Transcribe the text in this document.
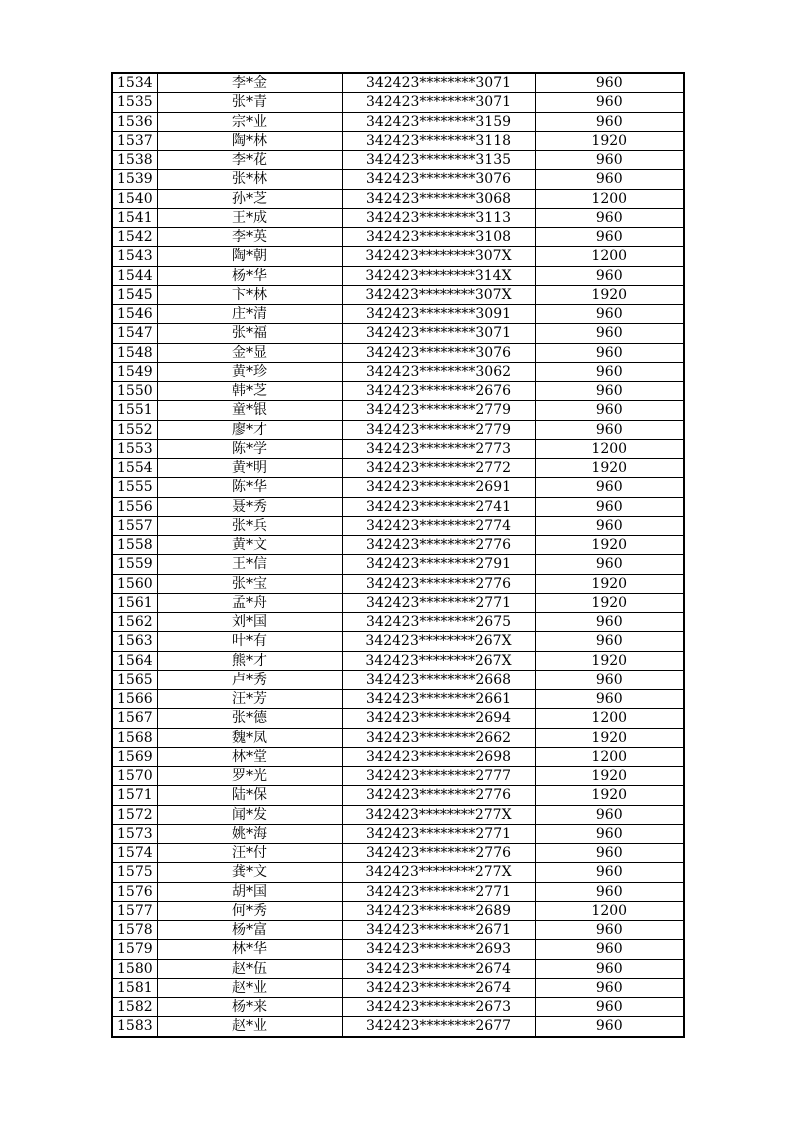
1534	李*金	342423********3071	960
1535	张*青	342423********3071	960
1536	宗*业	342423********3159	960
1537	陶*林	342423********3118	1920
1538	李*花	342423********3135	960
1539	张*林	342423********3076	960
1540	孙*芝	342423********3068	1200
1541	王*成	342423********3113	960
1542	李*英	342423********3108	960
1543	陶*朝	342423********307X	1200
1544	杨*华	342423********314X	960
1545	卞*林	342423********307X	1920
1546	庄*清	342423********3091	960
1547	张*福	342423********3071	960
1548	金*显	342423********3076	960
1549	黄*珍	342423********3062	960
1550	韩*芝	342423********2676	960
1551	童*银	342423********2779	960
1552	廖*才	342423********2779	960
1553	陈*学	342423********2773	1200
1554	黄*明	342423********2772	1920
1555	陈*华	342423********2691	960
1556	聂*秀	342423********2741	960
1557	张*兵	342423********2774	960
1558	黄*文	342423********2776	1920
1559	王*信	342423********2791	960
1560	张*宝	342423********2776	1920
1561	孟*舟	342423********2771	1920
1562	刘*国	342423********2675	960
1563	叶*有	342423********267X	960
1564	熊*才	342423********267X	1920
1565	卢*秀	342423********2668	960
1566	汪*芳	342423********2661	960
1567	张*德	342423********2694	1200
1568	魏*凤	342423********2662	1920
1569	林*堂	342423********2698	1200
1570	罗*光	342423********2777	1920
1571	陆*保	342423********2776	1920
1572	闻*发	342423********277X	960
1573	姚*海	342423********2771	960
1574	汪*付	342423********2776	960
1575	龚*文	342423********277X	960
1576	胡*国	342423********2771	960
1577	何*秀	342423********2689	1200
1578	杨*富	342423********2671	960
1579	林*华	342423********2693	960
1580	赵*伍	342423********2674	960
1581	赵*业	342423********2674	960
1582	杨*来	342423********2673	960
1583	赵*业	342423********2677	960
